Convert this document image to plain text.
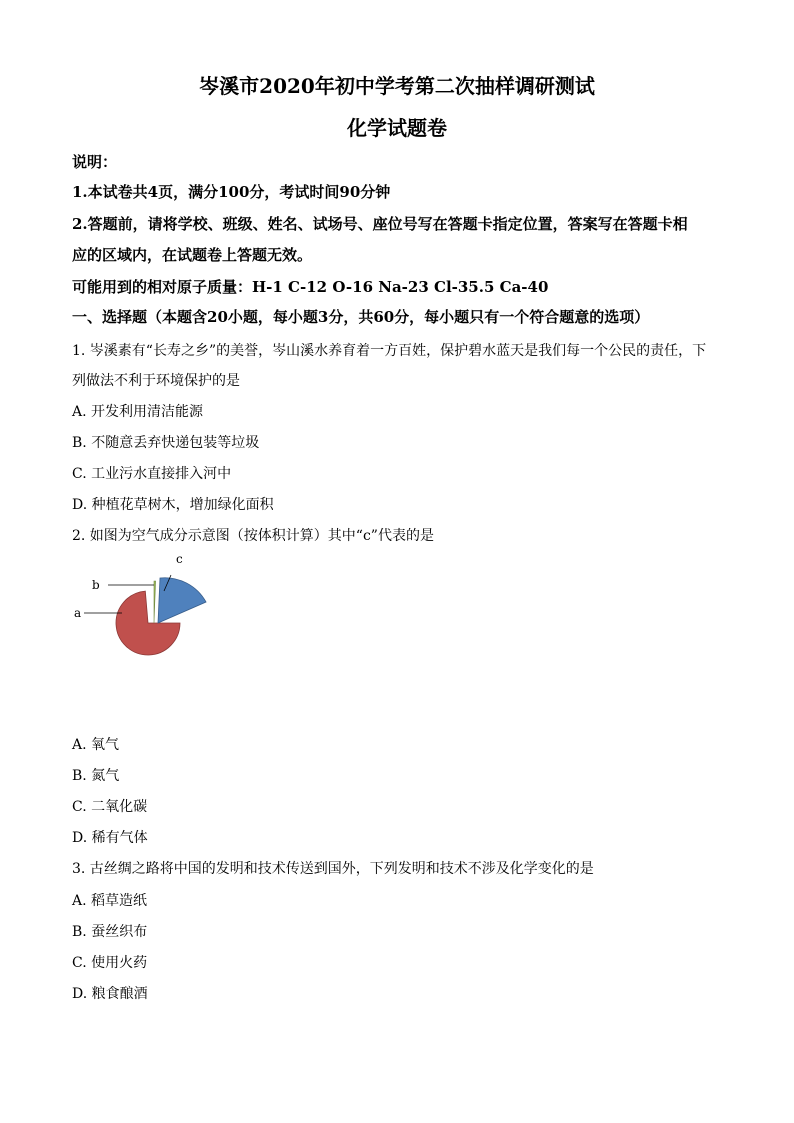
岑溪市2020年初中学考第二次抽样调研测试
化学试题卷
说明：
1.本试卷共4页，满分100分，考试时间90分钟
2.答题前，请将学校、班级、姓名、试场号、座位号写在答题卡指定位置，答案写在答题卡相
应的区域内，在试题卷上答题无效。
可能用到的相对原子质量：H-1 C-12 O-16 Na-23 Cl-35.5 Ca-40
一、选择题（本题含20小题，每小题3分，共60分，每小题只有一个符合题意的选项）
1. 岑溪素有“长寿之乡”的美誉，岑山溪水养育着一方百姓，保护碧水蓝天是我们每一个公民的责任，下
列做法不利于环境保护的是
A. 开发利用清洁能源
B. 不随意丢弃快递包装等垃圾
C. 工业污水直接排入河中
D. 种植花草树木，增加绿化面积
2. 如图为空气成分示意图（按体积计算）其中“c”代表的是
a
b
c
A. 氧气
B. 氮气
C. 二氧化碳
D. 稀有气体
3. 古丝绸之路将中国的发明和技术传送到国外，下列发明和技术不涉及化学变化的是
A. 稻草造纸
B. 蚕丝织布
C. 使用火药
D. 粮食酿酒
